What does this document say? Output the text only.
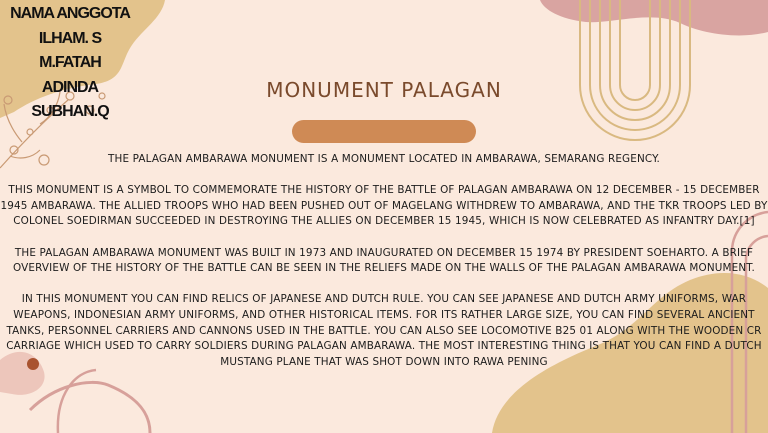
NAMA ANGGOTA
ILHAM. S
M.FATAH
ADINDA
SUBHAN.Q
MONUMENT PALAGAN

THE PALAGAN AMBARAWA MONUMENT IS A MONUMENT LOCATED IN AMBARAWA, SEMARANG REGENCY.

THIS MONUMENT IS A SYMBOL TO COMMEMORATE THE HISTORY OF THE BATTLE OF PALAGAN AMBARAWA ON 12 DECEMBER - 15 DECEMBER 1945 AMBARAWA. THE ALLIED TROOPS WHO HAD BEEN PUSHED OUT OF MAGELANG WITHDREW TO AMBARAWA, AND THE TKR TROOPS LED BY COLONEL SOEDIRMAN SUCCEEDED IN DESTROYING THE ALLIES ON DECEMBER 15 1945, WHICH IS NOW CELEBRATED AS INFANTRY DAY.[1]

THE PALAGAN AMBARAWA MONUMENT WAS BUILT IN 1973 AND INAUGURATED ON DECEMBER 15 1974 BY PRESIDENT SOEHARTO. A BRIEF OVERVIEW OF THE HISTORY OF THE BATTLE CAN BE SEEN IN THE RELIEFS MADE ON THE WALLS OF THE PALAGAN AMBARAWA MONUMENT.

IN THIS MONUMENT YOU CAN FIND RELICS OF JAPANESE AND DUTCH RULE. YOU CAN SEE JAPANESE AND DUTCH ARMY UNIFORMS, WAR WEAPONS, INDONESIAN ARMY UNIFORMS, AND OTHER HISTORICAL ITEMS. FOR ITS RATHER LARGE SIZE, YOU CAN FIND SEVERAL ANCIENT TANKS, PERSONNEL CARRIERS AND CANNONS USED IN THE BATTLE. YOU CAN ALSO SEE LOCOMOTIVE B25 01 ALONG WITH THE WOODEN CR CARRIAGE WHICH USED TO CARRY SOLDIERS DURING PALAGAN AMBARAWA. THE MOST INTERESTING THING IS THAT YOU CAN FIND A DUTCH MUSTANG PLANE THAT WAS SHOT DOWN INTO RAWA PENING
